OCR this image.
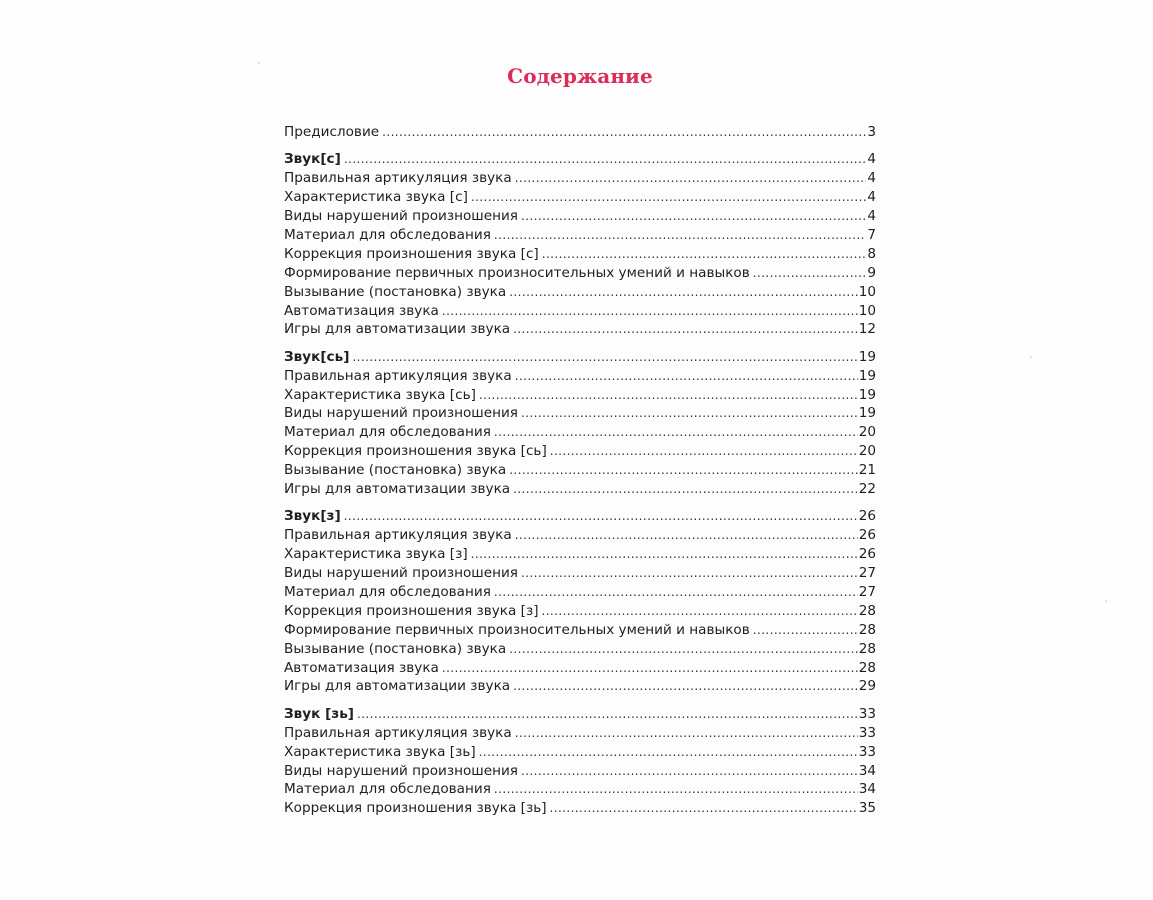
Содержание
Предисловие .....	3
Звук[с] .....	4
Правильная артикуляция звука .....	4
Характеристика звука [с] .....	4
Виды нарушений произношения .....	4
Материал для обследования .....	7
Коррекция произношения звука [с] .....	8
Формирование первичных произносительных умений и навыков .....	9
Вызывание (постановка) звука .....	10
Автоматизация звука .....	10
Игры для автоматизации звука .....	12
Звук[сь] .....	19
Правильная артикуляция звука .....	19
Характеристика звука [сь] .....	19
Виды нарушений произношения .....	19
Материал для обследования .....	20
Коррекция произношения звука [сь] .....	20
Вызывание (постановка) звука .....	21
Игры для автоматизации звука .....	22
Звук[з] .....	26
Правильная артикуляция звука .....	26
Характеристика звука [з] .....	26
Виды нарушений произношения .....	27
Материал для обследования .....	27
Коррекция произношения звука [з] .....	28
Формирование первичных произносительных умений и навыков .....	28
Вызывание (постановка) звука .....	28
Автоматизация звука .....	28
Игры для автоматизации звука .....	29
Звук [зь] .....	33
Правильная артикуляция звука .....	33
Характеристика звука [зь] .....	33
Виды нарушений произношения .....	34
Материал для обследования .....	34
Коррекция произношения звука [зь] .....	35
